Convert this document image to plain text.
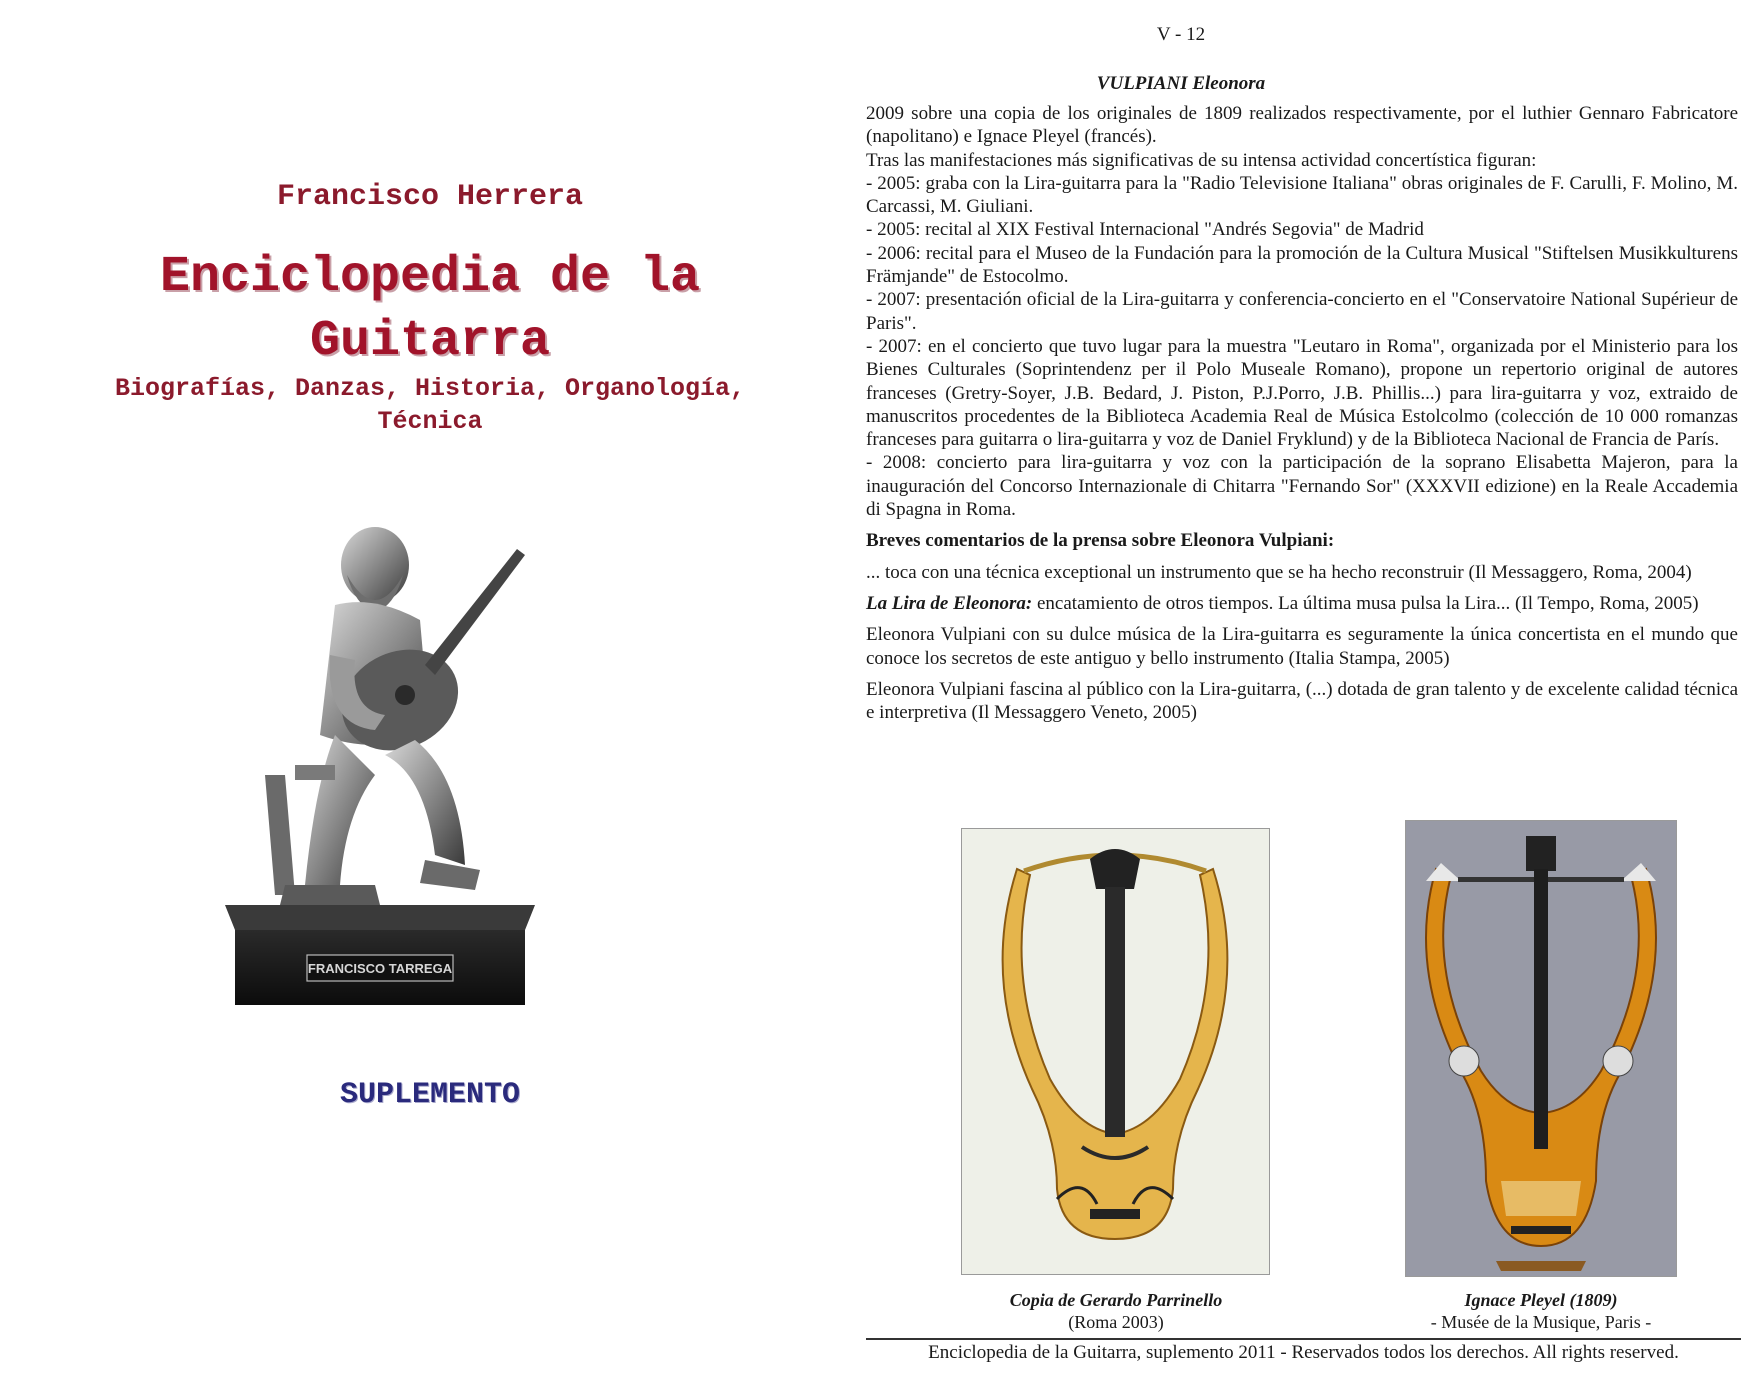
Francisco Herrera
Enciclopedia de la
Guitarra
Biografías, Danzas, Historia, Organología,
Técnica
FRANCISCO TARREGA
SUPLEMENTO
V - 12
VULPIANI Eleonora

2009 sobre una copia de los originales de 1809 realizados respectivamente, por el luthier Gennaro Fabricatore (napolitano) e Ignace Pleyel (francés).

Tras las manifestaciones más significativas de su intensa actividad concertística figuran:

- 2005: graba con la Lira-guitarra para la "Radio Televisione Italiana" obras originales de F. Carulli, F. Molino, M. Carcassi, M. Giuliani.

- 2005: recital al XIX Festival Internacional "Andrés Segovia" de Madrid

- 2006: recital para el Museo de la Fundación para la promoción de la Cultura Musical "Stiftelsen Musikkulturens Främjande" de Estocolmo.

- 2007: presentación oficial de la Lira-guitarra y conferencia-concierto en el "Conservatoire National Supérieur de Paris".

- 2007: en el concierto que tuvo lugar para la muestra "Leutaro in Roma", organizada por el Ministerio para los Bienes Culturales (Soprintendenz per il Polo Museale Romano), propone un repertorio original de autores franceses (Gretry-Soyer, J.B. Bedard, J. Piston, P.J.Porro, J.B. Phillis...) para lira-guitarra y voz, extraido de manuscritos procedentes de la Biblioteca Academia Real de Música Estolcolmo (colección de 10 000 romanzas franceses para guitarra o lira-guitarra y voz de Daniel Fryklund) y de la Biblioteca Nacional de Francia de París.

- 2008: concierto para lira-guitarra y voz con la participación de la soprano Elisabetta Majeron, para la inauguración del Concorso Internazionale di Chitarra "Fernando Sor" (XXXVII edizione) en la Reale Accademia di Spagna in Roma.

Breves comentarios de la prensa sobre Eleonora Vulpiani:

... toca con una técnica exceptional un instrumento que se ha hecho reconstruir (Il Messaggero, Roma, 2004)

La Lira de Eleonora: encatamiento de otros tiempos. La última musa pulsa la Lira... (Il Tempo, Roma, 2005)

Eleonora Vulpiani con su dulce música de la Lira-guitarra es seguramente la única concertista en el mundo que conoce los secretos de este antiguo y bello instrumento (Italia Stampa, 2005)

Eleonora Vulpiani fascina al público con la Lira-guitarra, (...) dotada de gran talento y de excelente calidad técnica e interpretiva (Il Messaggero Veneto, 2005)

Copia de Gerardo Parrinello
(Roma 2003)
Ignace Pleyel (1809)
- Musée de la Musique, Paris -
Enciclopedia de la Guitarra, suplemento 2011 - Reservados todos los derechos. All rights reserved.
